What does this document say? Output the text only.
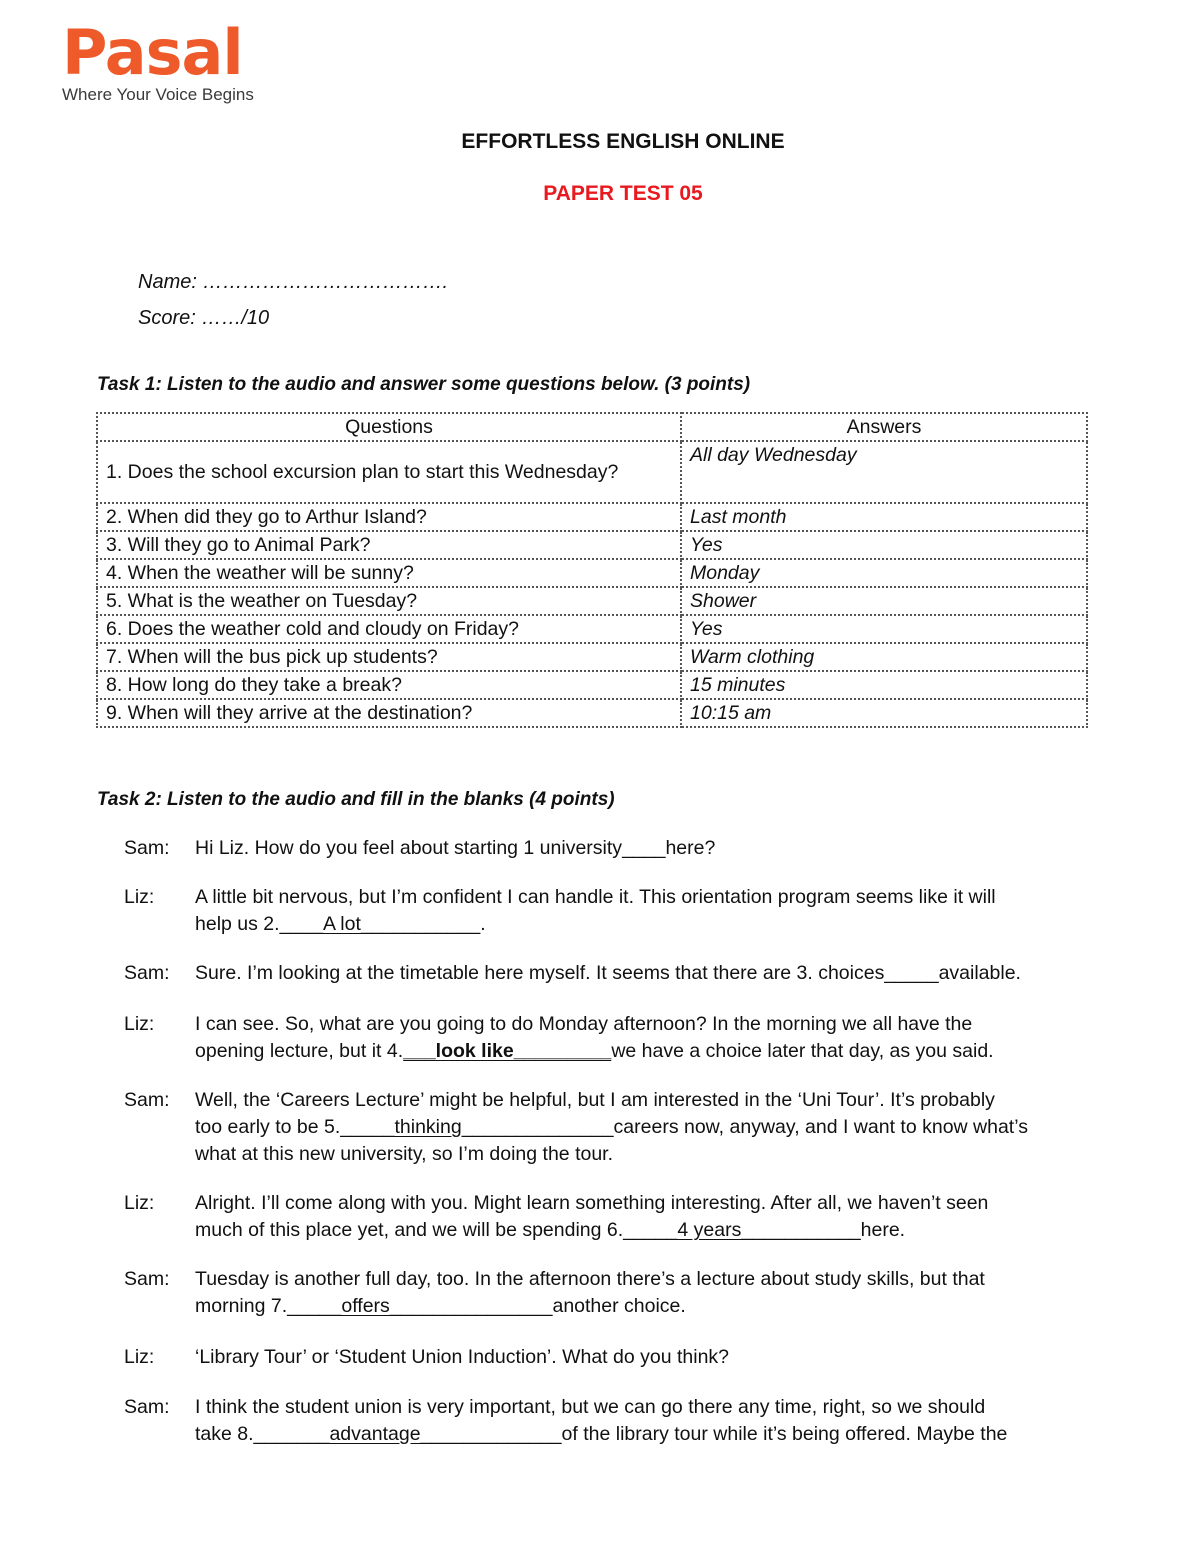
Pasal
Where Your Voice Begins
EFFORTLESS ENGLISH ONLINE
PAPER TEST 05
Name: ……………………………….
Score: ……/10
Task 1: Listen to the audio and answer some questions below. (3 points)
Questions	Answers
1. Does the school excursion plan to start this Wednesday?	All day Wednesday
2. When did they go to Arthur Island?	Last month
3. Will they go to Animal Park?	Yes
4. When the weather will be sunny?	Monday
5. What is the weather on Tuesday?	Shower
6. Does the weather cold and cloudy on Friday?	Yes
7. When will the bus pick up students?	Warm clothing
8. How long do they take a break?	15 minutes
9. When will they arrive at the destination?	10:15 am
Task 2: Listen to the audio and fill in the blanks (4 points)
Sam: Hi Liz. How do you feel about starting 1 university____here?
Liz: A little bit nervous, but I’m confident I can handle it. This orientation program seems like it will
help us 2.____A lot___________.
Sam: Sure. I’m looking at the timetable here myself. It seems that there are 3. choices_____available.
Liz: I can see. So, what are you going to do Monday afternoon? In the morning we all have the
opening lecture, but it 4.___look like_________we have a choice later that day, as you said.
Sam: Well, the ‘Careers Lecture’ might be helpful, but I am interested in the ‘Uni Tour’. It’s probably
too early to be 5._____thinking______________careers now, anyway, and I want to know what’s
what at this new university, so I’m doing the tour.
Liz: Alright. I’ll come along with you. Might learn something interesting. After all, we haven’t seen
much of this place yet, and we will be spending 6._____4 years___________here.
Sam: Tuesday is another full day, too. In the afternoon there’s a lecture about study skills, but that
morning 7._____offers_______________another choice.
Liz: ‘Library Tour’ or ‘Student Union Induction’. What do you think?
Sam: I think the student union is very important, but we can go there any time, right, so we should
take 8._______advantage_____________of the library tour while it’s being offered. Maybe the
